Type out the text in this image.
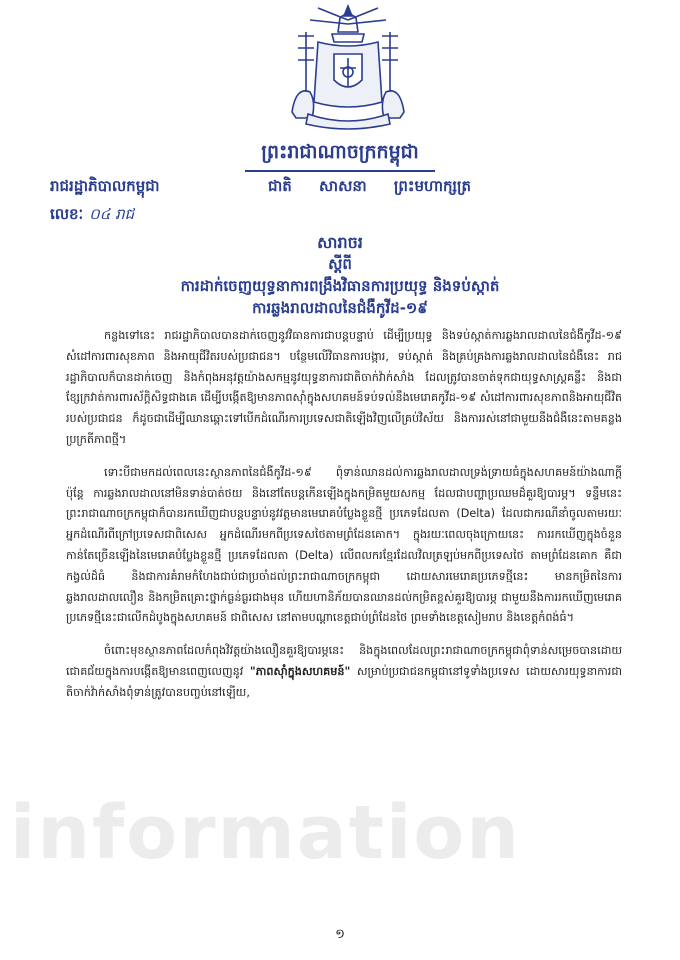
ព្រះរាជាណាចក្រកម្ពុជា
រាជរដ្ឋាភិបាលកម្ពុជា
លេខៈ ០៤ រាជ
ជាតិ សាសនា ព្រះមហាក្សត្រ
សារាចរ
ស្តីពី
ការដាក់ចេញយុទ្ធនាការពង្រឹងវិធានការប្រយុទ្ធ និងទប់ស្កាត់
ការឆ្លងរាលដាលនៃជំងឺកូវីដ-១៩

កន្លងទៅនេះ រាជរដ្ឋាភិបាលបានដាក់ចេញនូវវិធានការជាបន្តបន្ទាប់ ដើម្បីប្រយុទ្ធ និងទប់ស្កាត់ការឆ្លងរាលដាលនៃជំងឺកូវីដ-១៩ សំដៅការពារសុខភាព និងអាយុជីវិតរបស់ប្រជាជន។ បន្ថែមលើវិធានការបង្ការ, ទប់ស្កាត់ និងគ្រប់គ្រងការឆ្លងរាលដាលនៃជំងឺនេះ រាជរដ្ឋាភិបាលក៏បានដាក់ចេញ និងកំពុងអនុវត្តយ៉ាងសកម្មនូវយុទ្ធនាការជាតិចាក់វ៉ាក់សាំង ដែលត្រូវបានចាត់ទុកជាយុទ្ធសាស្ត្រគន្លឹះ និងជាខ្សែក្រវាត់ការពារស័ក្តិសិទ្ធជាងគេ ដើម្បីបង្កើតឱ្យមានភាពស៊ាំក្នុងសហគមន៍ទប់ទល់នឹងមេរោគកូវីដ-១៩ សំដៅការពារសុខភាពនិងអាយុជីវិតរបស់ប្រជាជន ក៏ដូចជាដើម្បីឈានឆ្ពោះទៅបើកដំណើរការប្រទេសជាតិឡើងវិញលើគ្រប់វិស័យ និងការរស់នៅជាមួយនឹងជំងឺនេះតាមគន្លងប្រក្រតីភាពថ្មី។

ទោះបីជាមកដល់ពេលនេះស្ថានភាពនៃជំងឺកូវីដ-១៩ ពុំទាន់ឈានដល់ការឆ្លងរាលដាលទ្រង់ទ្រាយធំក្នុងសហគមន៍យ៉ាងណាក្តី ប៉ុន្តែ ការឆ្លងរាលដាលនៅមិនទាន់បាត់ថយ និងនៅតែបន្តកើនឡើងក្នុងកម្រិតមួយសកម្ម ដែលជាបញ្ហាប្រឈមដ៏គួរឱ្យបារម្ភ។ ទន្ទឹមនេះ ព្រះរាជាណាចក្រកម្ពុជាក៏បានរកឃើញជាបន្តបន្ទាប់នូវវត្តមានមេរោគបំប្លែងខ្លួនថ្មី ប្រភេទដែលតា (Delta) ដែលជាករណីនាំចូលតាមរយៈអ្នកដំណើរពីក្រៅប្រទេសជាពិសេស អ្នកដំណើរមកពីប្រទេសថៃតាមព្រំដែនគោក។ ក្នុងរយៈពេលចុងក្រោយនេះ ការរកឃើញក្នុងចំនួនកាន់តែច្រើនឡើងនៃមេរោគបំប្លែងខ្លួនថ្មី ប្រភេទដែលតា (Delta) លើពលករខ្មែរដែលវិលត្រឡប់មកពីប្រទេសថៃ តាមព្រំដែនគោក គឺជាកង្វល់ដ៏ធំ និងជាការគំរាមកំហែងជាប់ជាប្រចាំដល់ព្រះរាជាណាចក្រកម្ពុជា ដោយសារមេរោគប្រភេទថ្មីនេះ មានកម្រិតនៃការឆ្លងរាលដាលលឿន និងកម្រិតគ្រោះថ្នាក់ធ្ងន់ធ្ងរជាងមុន ហើយហានិភ័យបានឈានដល់កម្រិតខ្ពស់គួរឱ្យបារម្ភ ជាមួយនឹងការរកឃើញមេរោគប្រភេទថ្មីនេះជាលើកដំបូងក្នុងសហគមន៍ ជាពិសេស នៅតាមបណ្តាខេត្តជាប់ព្រំដែនថៃ ព្រមទាំងខេត្តសៀមរាប និងខេត្តកំពង់ធំ។

ចំពោះមុខស្ថានភាពដែលកំពុងវិវត្តយ៉ាងលឿនគួរឱ្យបារម្ភនេះ និងក្នុងពេលដែលព្រះរាជាណាចក្រកម្ពុជាពុំទាន់សម្រេចបានដោយជោគជ័យក្នុងការបង្កើតឱ្យមានពេញលេញនូវ "ភាពស៊ាំក្នុងសហគមន៍" សម្រាប់ប្រជាជនកម្ពុជានៅទូទាំងប្រទេស ដោយសារយុទ្ធនាការជាតិចាក់វ៉ាក់សាំងពុំទាន់ត្រូវបានបញ្ចប់នៅឡើយ,

information
១
